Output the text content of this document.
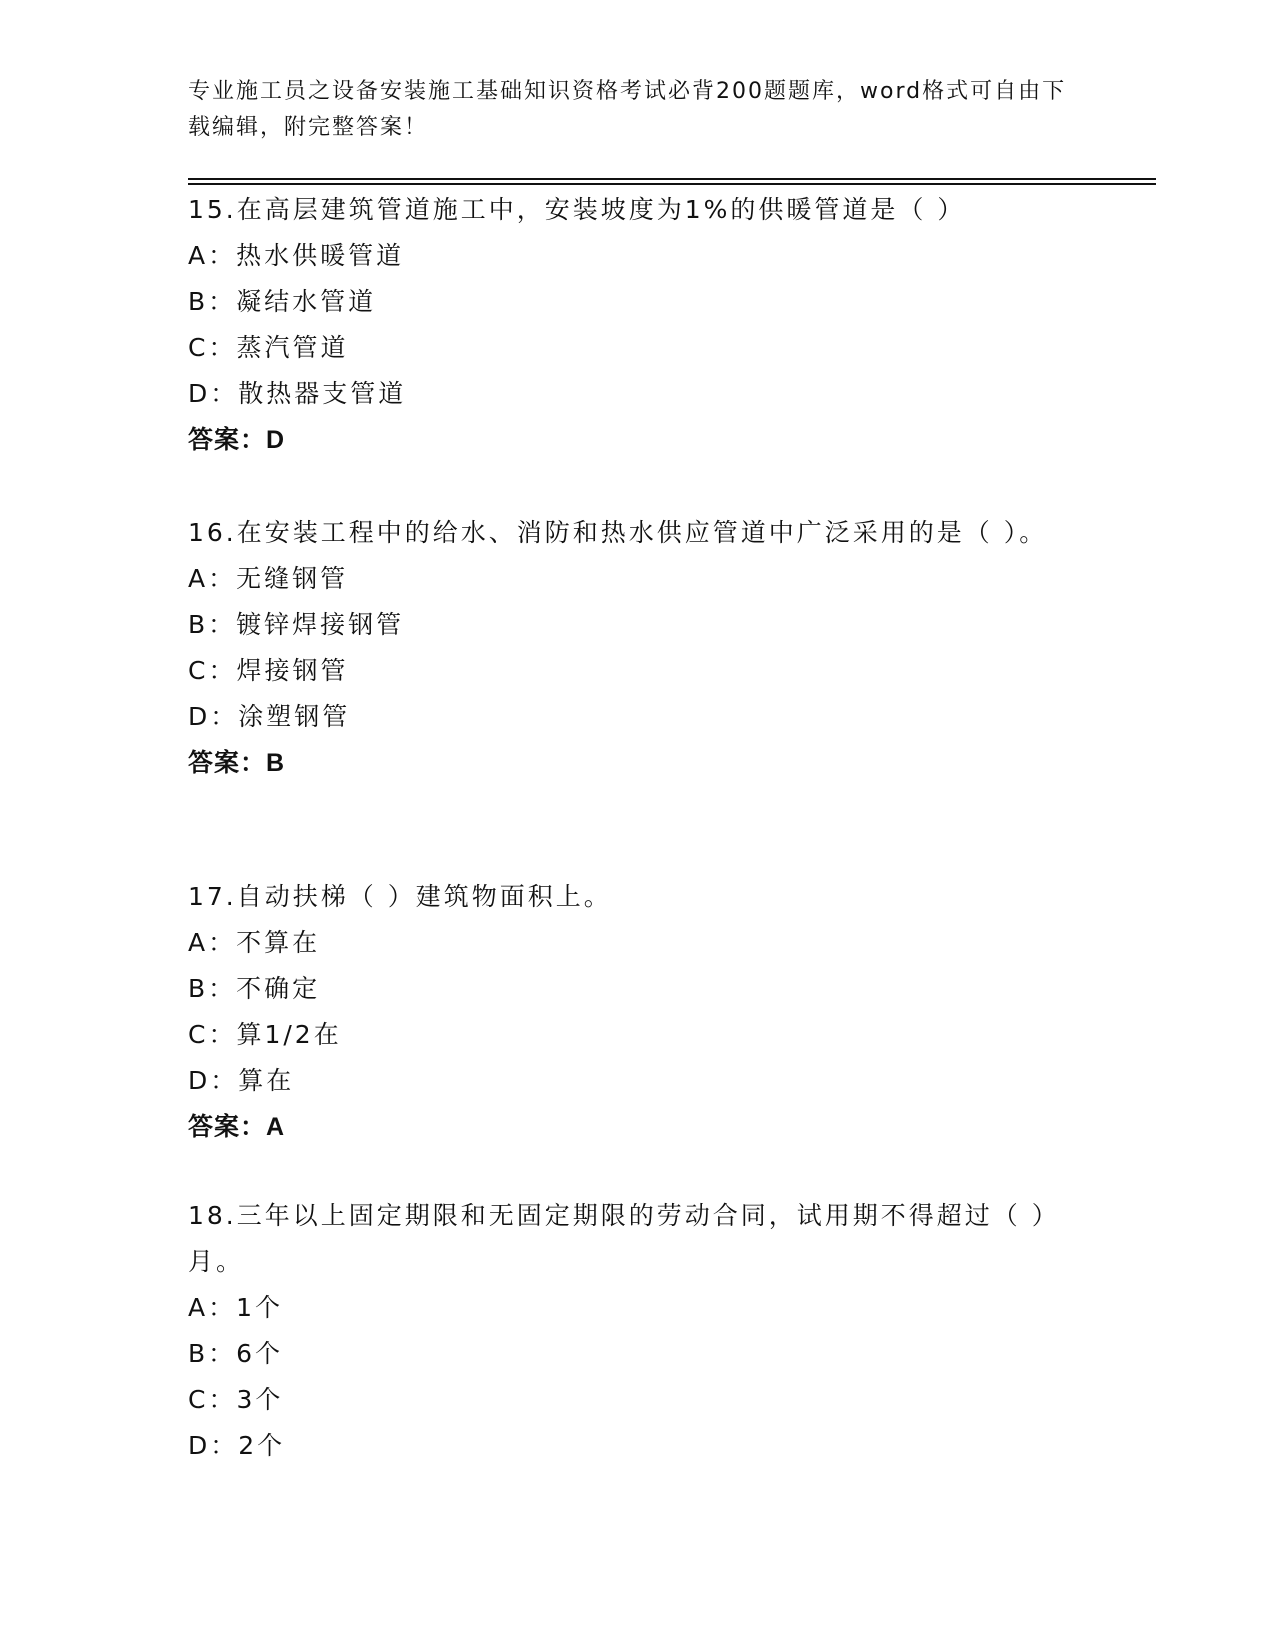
专业施工员之设备安装施工基础知识资格考试必背200题题库，word格式可自由下载编辑，附完整答案！

15.在高层建筑管道施工中，安装坡度为1%的供暖管道是（ ）

A：热水供暖管道

B：凝结水管道

C：蒸汽管道

D：散热器支管道

答案：D

16.在安装工程中的给水、消防和热水供应管道中广泛采用的是（ ）。

A：无缝钢管

B：镀锌焊接钢管

C：焊接钢管

D：涂塑钢管

答案：B

17.自动扶梯（ ）建筑物面积上。

A：不算在

B：不确定

C：算1/2在

D：算在

答案：A

18.三年以上固定期限和无固定期限的劳动合同，试用期不得超过（ ）月。

A：1个

B：6个

C：3个

D：2个
